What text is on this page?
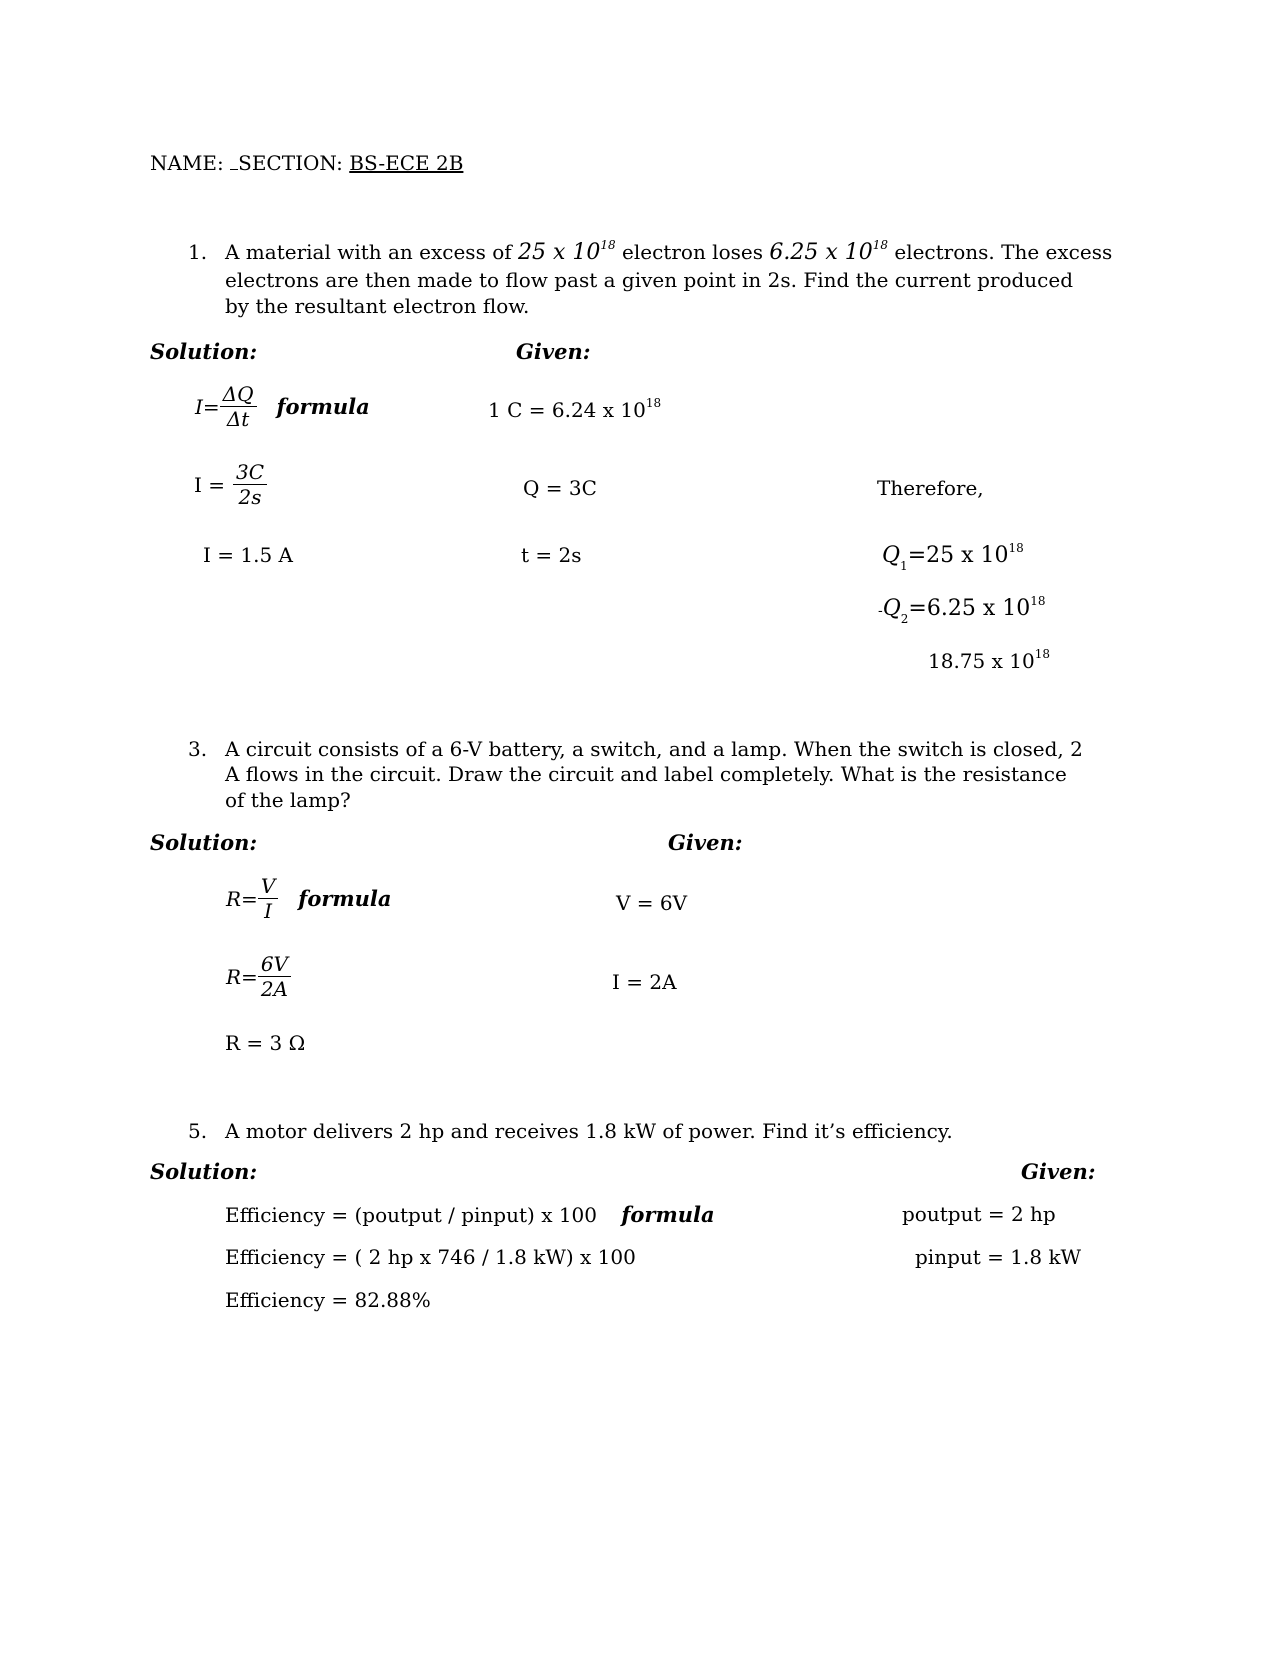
NAME: SECTION: BS-ECE 2B
1. A material with an excess of 25 x $10^{18}$ electron loses 6.25 x $10^{18}$ electrons. The excess
electrons are then made to flow past a given point in 2s. Find the current produced
by the resultant electron flow.
Solution:	Given:
$I= \frac{\Delta Q}{\Delta t}$ formula	1 C = 6.24 x $10^{18}$
$I = \frac{3C}{2s}$	Q = 3C	Therefore,
I = 1.5 A	t = 2s	$Q_1=25$ x $10^{18}$
$-Q_2=6.25$ x $10^{18}$
18.75 x $10^{18}$
3. A circuit consists of a 6-V battery, a switch, and a lamp. When the switch is closed, 2
A flows in the circuit. Draw the circuit and label completely. What is the resistance
of the lamp?
Solution:	Given:
$R= \frac{V}{I}$ formula	V = 6V
$R= \frac{6V}{2A}$	I = 2A
R = 3 Ω
5. A motor delivers 2 hp and receives 1.8 kW of power. Find it’s efficiency.
Solution:	Given:
Efficiency = (poutput / pinput) x 100 formula	poutput = 2 hp
Efficiency = ( 2 hp x 746 / 1.8 kW) x 100	pinput = 1.8 kW
Efficiency = 82.88%
